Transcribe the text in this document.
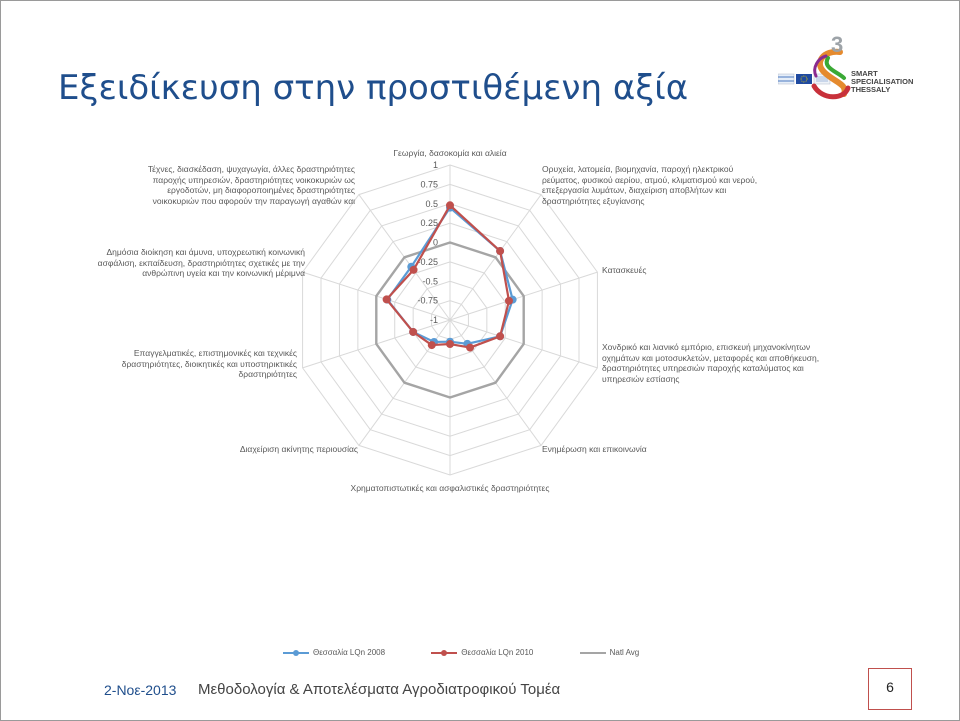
Εξειδίκευση στην προστιθέμενη αξία
3
SMART
SPECIALISATION
THESSALY
1
0.75
0.5
0.25
0
-0.25
-0.5
-0.75
-1
Γεωργία, δασοκομία και αλιεία
Ορυχεία, λατομεία, βιομηχανία, παροχή ηλεκτρικού
ρεύματος, φυσικού αερίου, ατμού, κλιματισμού και νερού,
επεξεργασία λυμάτων, διαχείριση αποβλήτων και
δραστηριότητες εξυγίανσης
Κατασκευές
Χονδρικό και λιανικό εμπόριο, επισκευή μηχανοκίνητων
οχημάτων και μοτοσυκλετών, μεταφορές και αποθήκευση,
δραστηριότητες υπηρεσιών παροχής καταλύματος και
υπηρεσιών εστίασης
Ενημέρωση και επικοινωνία
Χρηματοπιστωτικές και ασφαλιστικές δραστηριότητες
Διαχείριση ακίνητης περιουσίας
Επαγγελματικές, επιστημονικές και τεχνικές
δραστηριότητες, διοικητικές και υποστηρικτικές
δραστηριότητες
Δημόσια διοίκηση και άμυνα, υποχρεωτική κοινωνική
ασφάλιση, εκπαίδευση, δραστηριότητες σχετικές με την
ανθρώπινη υγεία και την κοινωνική μέριμνα
Τέχνες, διασκέδαση, ψυχαγωγία, άλλες δραστηριότητες
παροχής υπηρεσιών, δραστηριότητες νοικοκυριών ως
εργοδοτών, μη διαφοροποιημένες δραστηριότητες
νοικοκυριών που αφορούν την παραγωγή αγαθών και
Θεσσαλία LQn 2008
	Θεσσαλία LQn 2010
	Natl Avg
2-Νοε-2013 Μεθοδολογία & Αποτελέσματα Αγροδιατροφικού Τομέα	6
